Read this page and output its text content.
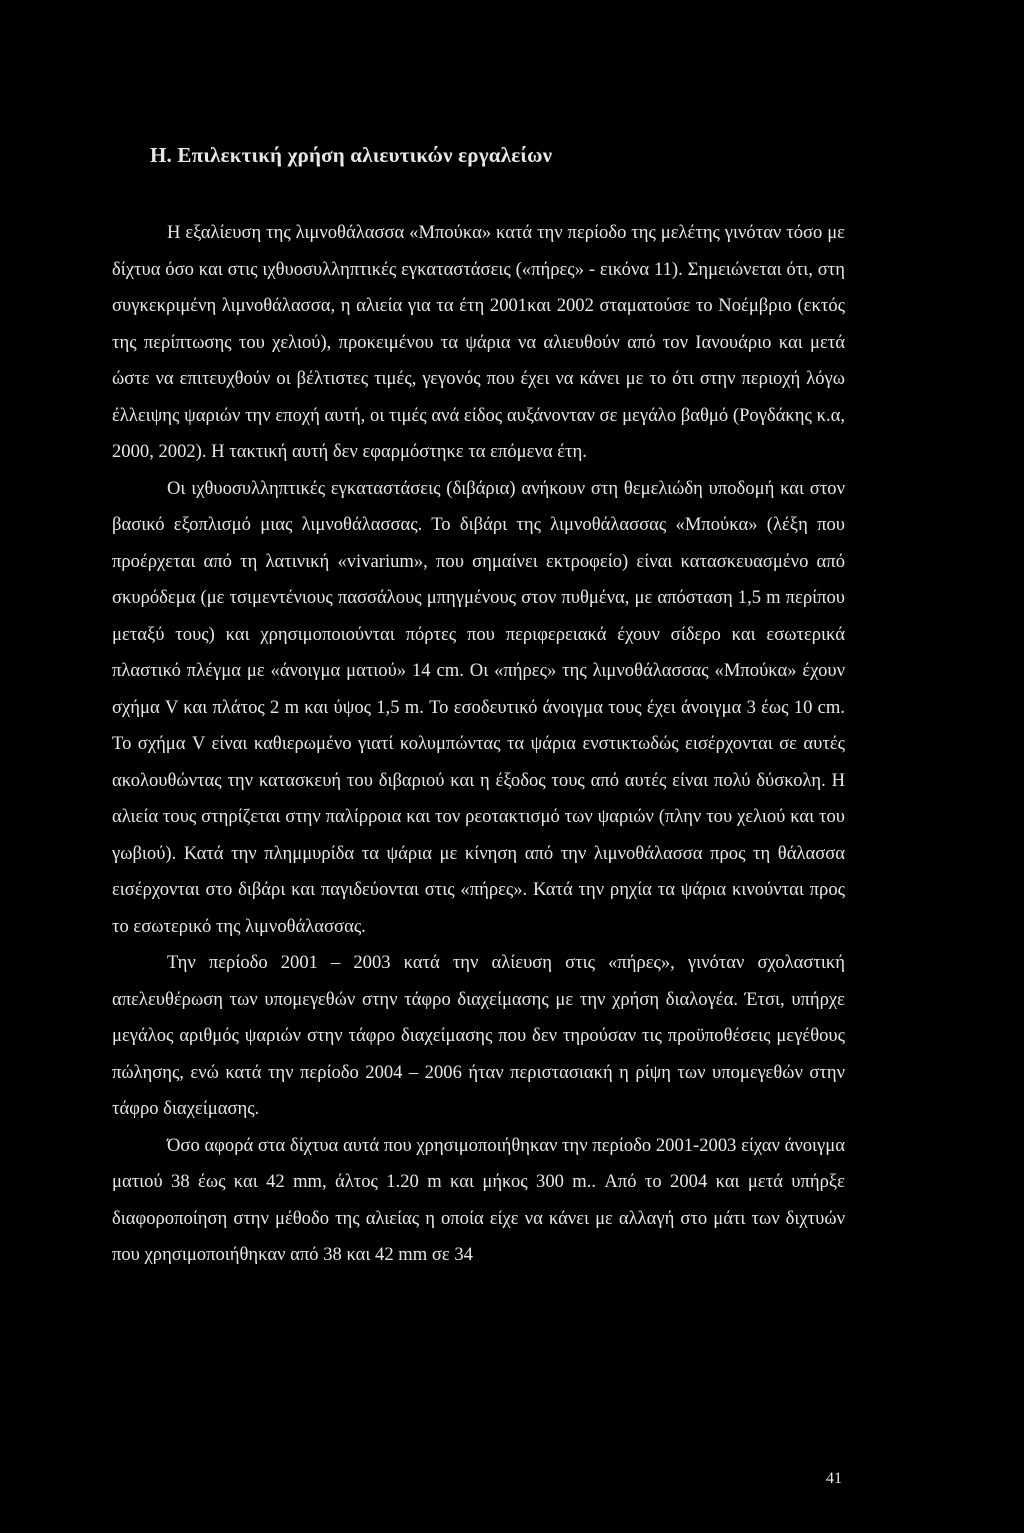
Η. Επιλεκτική χρήση αλιευτικών εργαλείων

Η εξαλίευση της λιμνοθάλασσα «Μπούκα» κατά την περίοδο της μελέτης γινόταν τόσο με δίχτυα όσο και στις ιχθυοσυλληπτικές εγκαταστάσεις («πήρες» - εικόνα 11). Σημειώνεται ότι, στη συγκεκριμένη λιμνοθάλασσα, η αλιεία για τα έτη 2001και 2002 σταματούσε το Νοέμβριο (εκτός της περίπτωσης του χελιού), προκειμένου τα ψάρια να αλιευθούν από τον Ιανουάριο και μετά ώστε να επιτευχθούν οι βέλτιστες τιμές, γεγονός που έχει να κάνει με το ότι στην περιοχή λόγω έλλειψης ψαριών την εποχή αυτή, οι τιμές ανά είδος αυξάνονταν σε μεγάλο βαθμό (Ρογδάκης κ.α, 2000, 2002). Η τακτική αυτή δεν εφαρμόστηκε τα επόμενα έτη.

Οι ιχθυοσυλληπτικές εγκαταστάσεις (διβάρια) ανήκουν στη θεμελιώδη υποδομή και στον βασικό εξοπλισμό μιας λιμνοθάλασσας. Το διβάρι της λιμνοθάλασσας «Μπούκα» (λέξη που προέρχεται από τη λατινική «vivarium», που σημαίνει εκτροφείο) είναι κατασκευασμένο από σκυρόδεμα (με τσιμεντένιους πασσάλους μπηγμένους στον πυθμένα, με απόσταση 1,5 m περίπου μεταξύ τους) και χρησιμοποιούνται πόρτες που περιφερειακά έχουν σίδερο και εσωτερικά πλαστικό πλέγμα με «άνοιγμα ματιού» 14 cm. Οι «πήρες» της λιμνοθάλασσας «Μπούκα» έχουν σχήμα V και πλάτος 2 m και ύψος 1,5 m. Το εσοδευτικό άνοιγμα τους έχει άνοιγμα 3 έως 10 cm. Το σχήμα V είναι καθιερωμένο γιατί κολυμπώντας τα ψάρια ενστικτωδώς εισέρχονται σε αυτές ακολουθώντας την κατασκευή του διβαριού και η έξοδος τους από αυτές είναι πολύ δύσκολη. Η αλιεία τους στηρίζεται στην παλίρροια και τον ρεοτακτισμό των ψαριών (πλην του χελιού και του γωβιού). Κατά την πλημμυρίδα τα ψάρια με κίνηση από την λιμνοθάλασσα προς τη θάλασσα εισέρχονται στο διβάρι και παγιδεύονται στις «πήρες». Κατά την ρηχία τα ψάρια κινούνται προς το εσωτερικό της λιμνοθάλασσας.

Την περίοδο 2001 – 2003 κατά την αλίευση στις «πήρες», γινόταν σχολαστική απελευθέρωση των υπομεγεθών στην τάφρο διαχείμασης με την χρήση διαλογέα. Έτσι, υπήρχε μεγάλος αριθμός ψαριών στην τάφρο διαχείμασης που δεν τηρούσαν τις προϋποθέσεις μεγέθους πώλησης, ενώ κατά την περίοδο 2004 – 2006 ήταν περιστασιακή η ρίψη των υπομεγεθών στην τάφρο διαχείμασης.

Όσο αφορά στα δίχτυα αυτά που χρησιμοποιήθηκαν την περίοδο 2001-2003 είχαν άνοιγμα ματιού 38 έως και 42 mm, άλτος 1.20 m και μήκος 300 m.. Από το 2004 και μετά υπήρξε διαφοροποίηση στην μέθοδο της αλιείας η οποία είχε να κάνει με αλλαγή στο μάτι των διχτυών που χρησιμοποιήθηκαν από 38 και 42 mm σε 34

41
